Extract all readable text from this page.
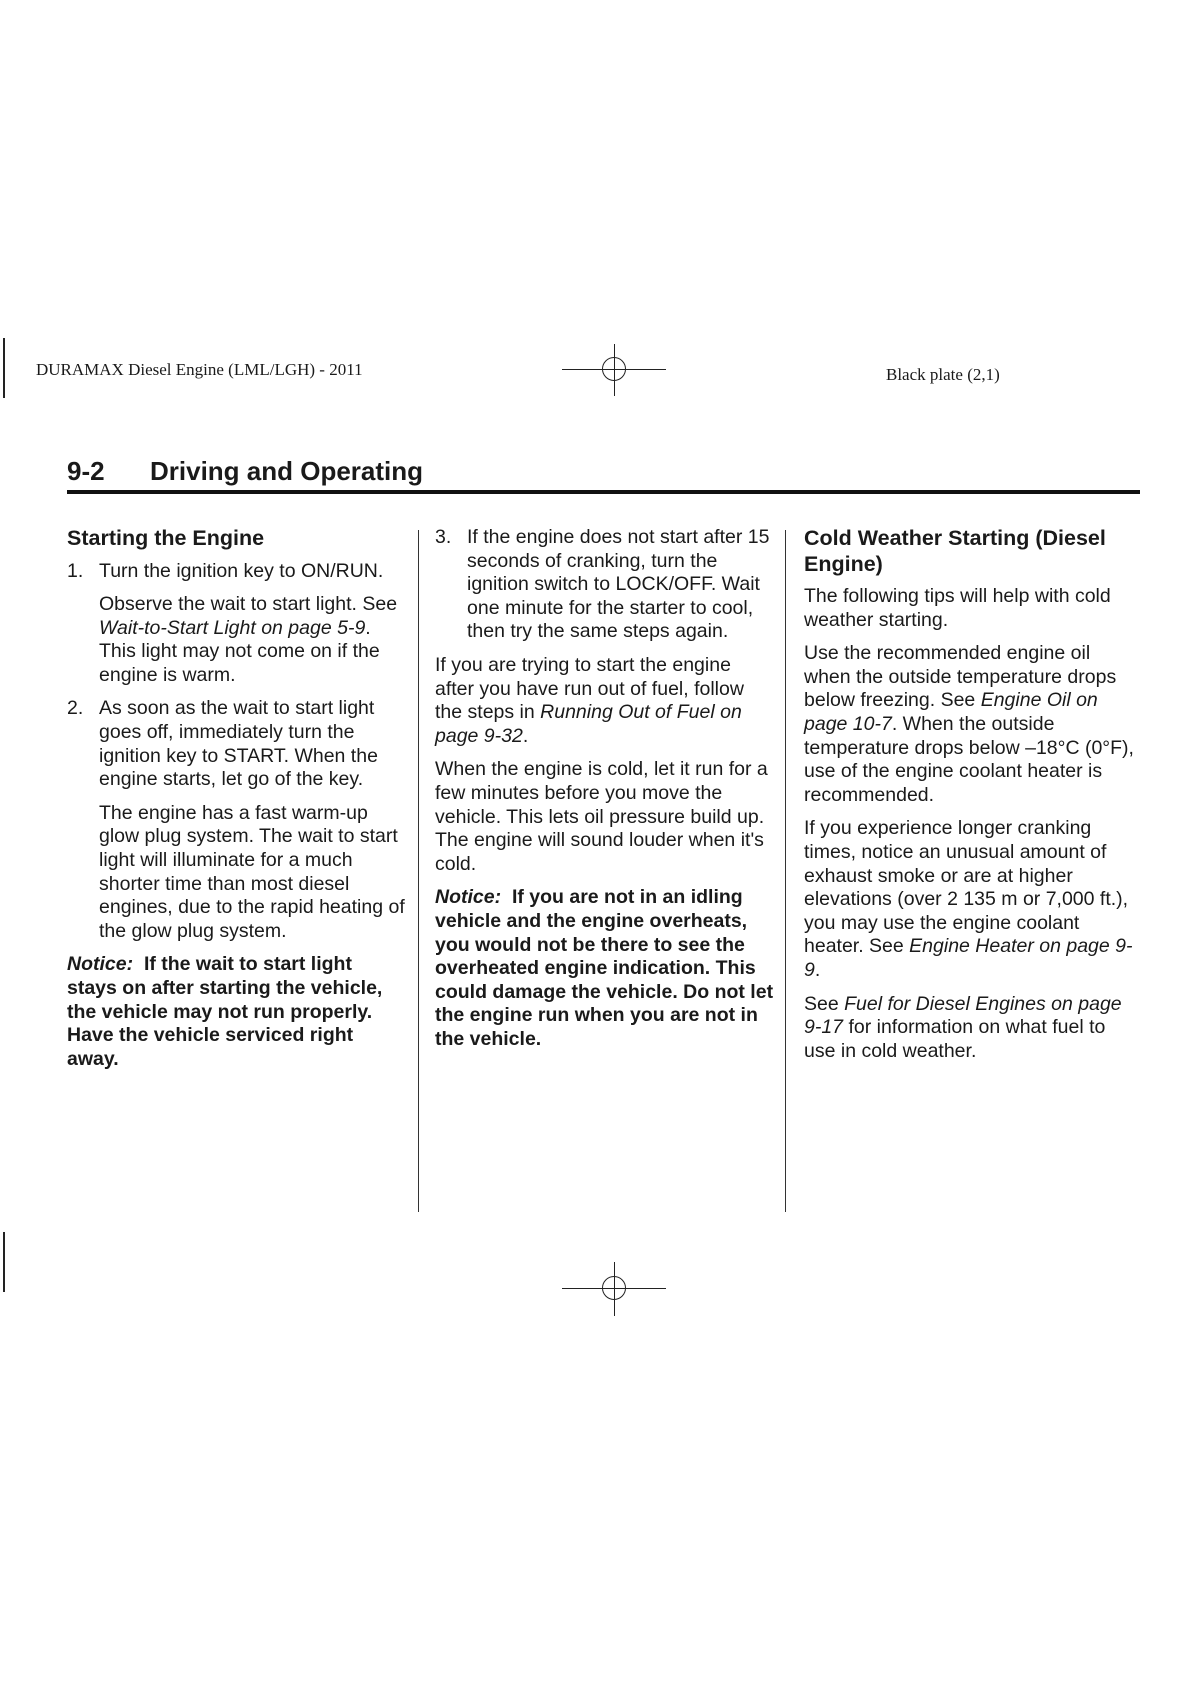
DURAMAX Diesel Engine (LML/LGH) - 2011	Black plate (2,1)
9-2 Driving and Operating
Starting the Engine
1. Turn the ignition key to ON/RUN.

Observe the wait to start light. See Wait-to-Start Light on page 5-9. This light may not come on if the engine is warm.

2. As soon as the wait to start light goes off, immediately turn the ignition key to START. When the engine starts, let go of the key.

The engine has a fast warm-up glow plug system. The wait to start light will illuminate for a much shorter time than most diesel engines, due to the rapid heating of the glow plug system.

Notice: If the wait to start light stays on after starting the vehicle, the vehicle may not run properly. Have the vehicle serviced right away.

3. If the engine does not start after 15 seconds of cranking, turn the ignition switch to LOCK/OFF. Wait one minute for the starter to cool, then try the same steps again.

If you are trying to start the engine after you have run out of fuel, follow the steps in Running Out of Fuel on page 9-32.

When the engine is cold, let it run for a few minutes before you move the vehicle. This lets oil pressure build up. The engine will sound louder when it's cold.

Notice: If you are not in an idling vehicle and the engine overheats, you would not be there to see the overheated engine indication. This could damage the vehicle. Do not let the engine run when you are not in the vehicle.

Cold Weather Starting (Diesel Engine)

The following tips will help with cold weather starting.

Use the recommended engine oil when the outside temperature drops below freezing. See Engine Oil on page 10-7. When the outside temperature drops below –18°C (0°F), use of the engine coolant heater is recommended.

If you experience longer cranking times, notice an unusual amount of exhaust smoke or are at higher elevations (over 2 135 m or 7,000 ft.), you may use the engine coolant heater. See Engine Heater on page 9-9.

See Fuel for Diesel Engines on page 9-17 for information on what fuel to use in cold weather.
